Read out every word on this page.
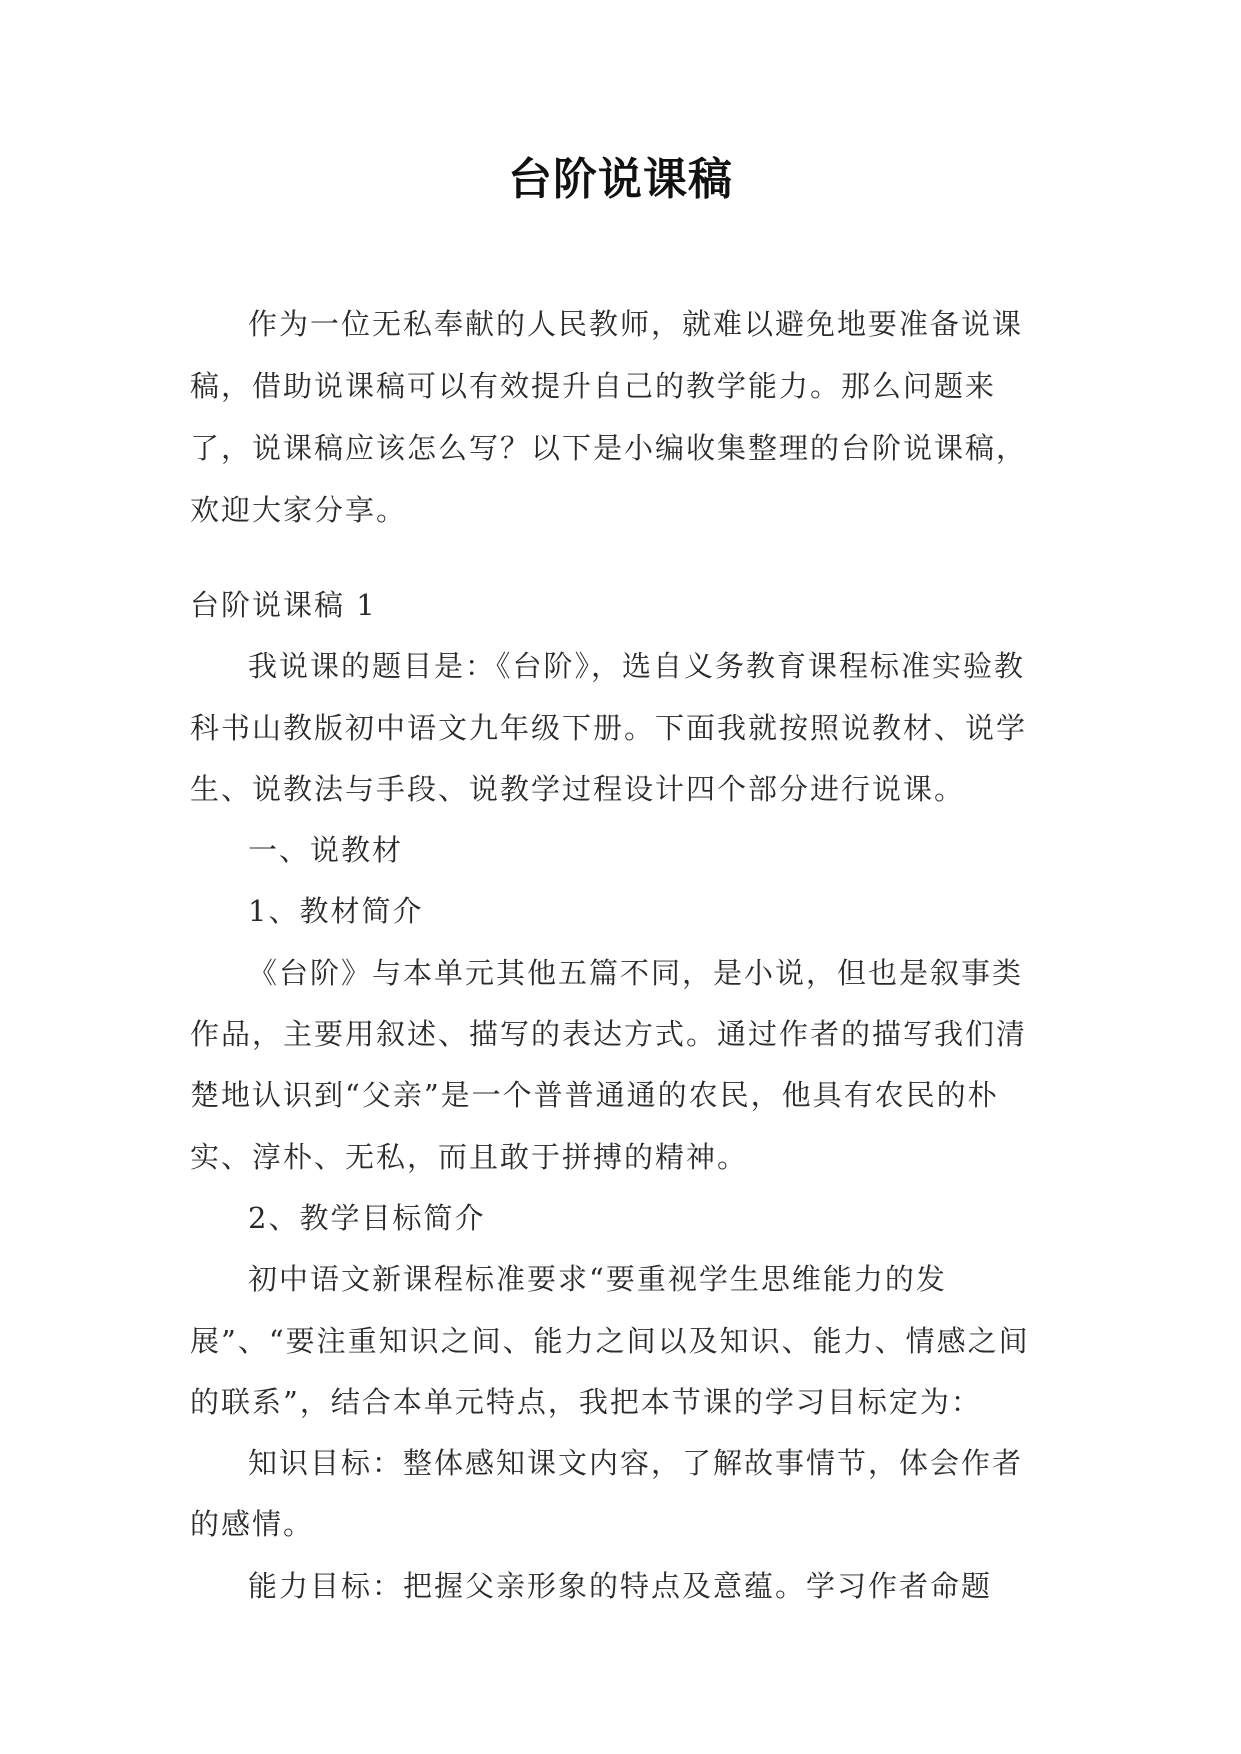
台阶说课稿

作为一位无私奉献的人民教师，就难以避免地要准备说课稿，借助说课稿可以有效提升自己的教学能力。那么问题来了，说课稿应该怎么写？以下是小编收集整理的台阶说课稿，欢迎大家分享。

台阶说课稿 1

我说课的题目是：《台阶》，选自义务教育课程标准实验教科书山教版初中语文九年级下册。下面我就按照说教材、说学生、说教法与手段、说教学过程设计四个部分进行说课。

一、说教材

1、教材简介

《台阶》与本单元其他五篇不同，是小说，但也是叙事类作品，主要用叙述、描写的表达方式。通过作者的描写我们清楚地认识到“父亲”是一个普普通通的农民，他具有农民的朴实、淳朴、无私，而且敢于拼搏的精神。

2、教学目标简介

初中语文新课程标准要求“要重视学生思维能力的发展”、“要注重知识之间、能力之间以及知识、能力、情感之间的联系”，结合本单元特点，我把本节课的学习目标定为：

知识目标：整体感知课文内容，了解故事情节，体会作者的感情。

能力目标：把握父亲形象的特点及意蕴。学习作者命题
